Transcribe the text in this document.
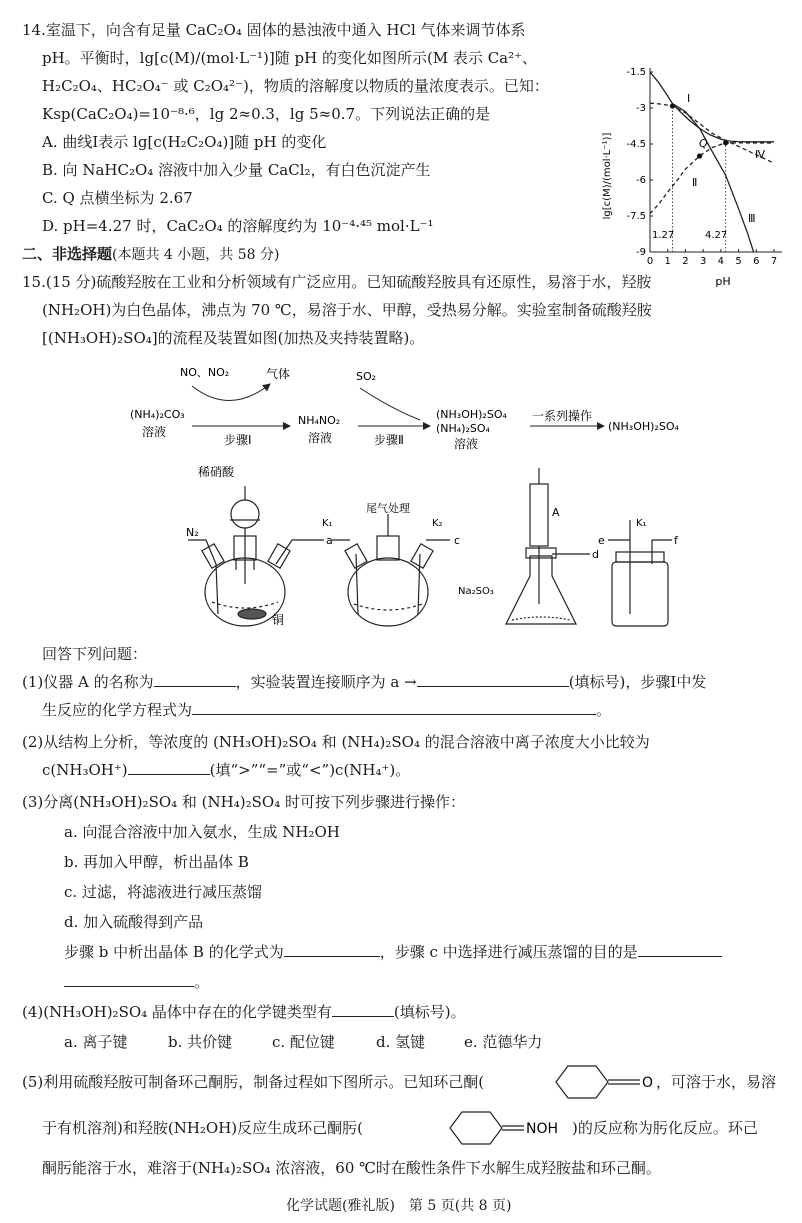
14.室温下，向含有足量 CaC₂O₄ 固体的悬浊液中通入 HCl 气体来调节体系
pH。平衡时，lg[c(M)/(mol·L⁻¹)]随 pH 的变化如图所示(M 表示 Ca²⁺、
H₂C₂O₄、HC₂O₄⁻ 或 C₂O₄²⁻)，物质的溶解度以物质的量浓度表示。已知：
Ksp(CaC₂O₄)=10⁻⁸·⁶，lg 2≈0.3，lg 5≈0.7。下列说法正确的是
A. 曲线Ⅰ表示 lg[c(H₂C₂O₄)]随 pH 的变化
B. 向 NaHC₂O₄ 溶液中加入少量 CaCl₂，有白色沉淀产生
C. Q 点横坐标为 2.67
D. pH=4.27 时，CaC₂O₄ 的溶解度约为 10⁻⁴·⁴⁵ mol·L⁻¹
0 1 2 3 4 5 6 7
-1.5
-3
-4.5
-6
-7.5
-9
lg[c(M)/(mol·L⁻¹)]
pH
Ⅰ
Ⅱ
Ⅲ
Ⅳ
Q
1.27	4.27
二、非选择题(本题共 4 小题，共 58 分)
15.(15 分)硫酸羟胺在工业和分析领域有广泛应用。已知硫酸羟胺具有还原性，易溶于水，羟胺
(NH₂OH)为白色晶体，沸点为 70 ℃，易溶于水、甲醇，受热易分解。实验室制备硫酸羟胺
[(NH₃OH)₂SO₄]的流程及装置如图(加热及夹持装置略)。
(NH₄)₂CO₃
溶液
NO、NO₂	气体
步骤Ⅰ
NH₄NO₂
溶液
SO₂
步骤Ⅱ
(NH₃OH)₂SO₄
(NH₄)₂SO₄
溶液
一系列操作
(NH₃OH)₂SO₄
稀硝酸
N₂
a
铜
K₁
尾气处理
K₂
c
A
d
Na₂SO₃
e	f
K₁
回答下列问题：
(1)仪器 A 的名称为	，实验装置连接顺序为 a →	(填标号)，步骤Ⅰ中发
生反应的化学方程式为	。
(2)从结构上分析，等浓度的 (NH₃OH)₂SO₄ 和 (NH₄)₂SO₄ 的混合溶液中离子浓度大小比较为
c(NH₃OH⁺)	(填“>”“=”或“<”)c(NH₄⁺)。
(3)分离(NH₃OH)₂SO₄ 和 (NH₄)₂SO₄ 时可按下列步骤进行操作：
a. 向混合溶液中加入氨水，生成 NH₂OH
b. 再加入甲醇，析出晶体 B
c. 过滤，将滤液进行减压蒸馏
d. 加入硫酸得到产品
步骤 b 中析出晶体 B 的化学式为	，步骤 c 中选择进行减压蒸馏的目的是
。
(4)(NH₃OH)₂SO₄ 晶体中存在的化学键类型有	(填标号)。
a. 离子键	b. 共价键	c. 配位键	d. 氢键	e. 范德华力
(5)利用硫酸羟胺可制备环己酮肟，制备过程如下图所示。已知环己酮(	O ，可溶于水，易溶
于有机溶剂)和羟胺(NH₂OH)反应生成环己酮肟(	NOH )的反应称为肟化反应。环己
酮肟能溶于水，难溶于(NH₄)₂SO₄ 浓溶液，60 ℃时在酸性条件下水解生成羟胺盐和环己酮。
化学试题(雅礼版)　第 5 页(共 8 页)
